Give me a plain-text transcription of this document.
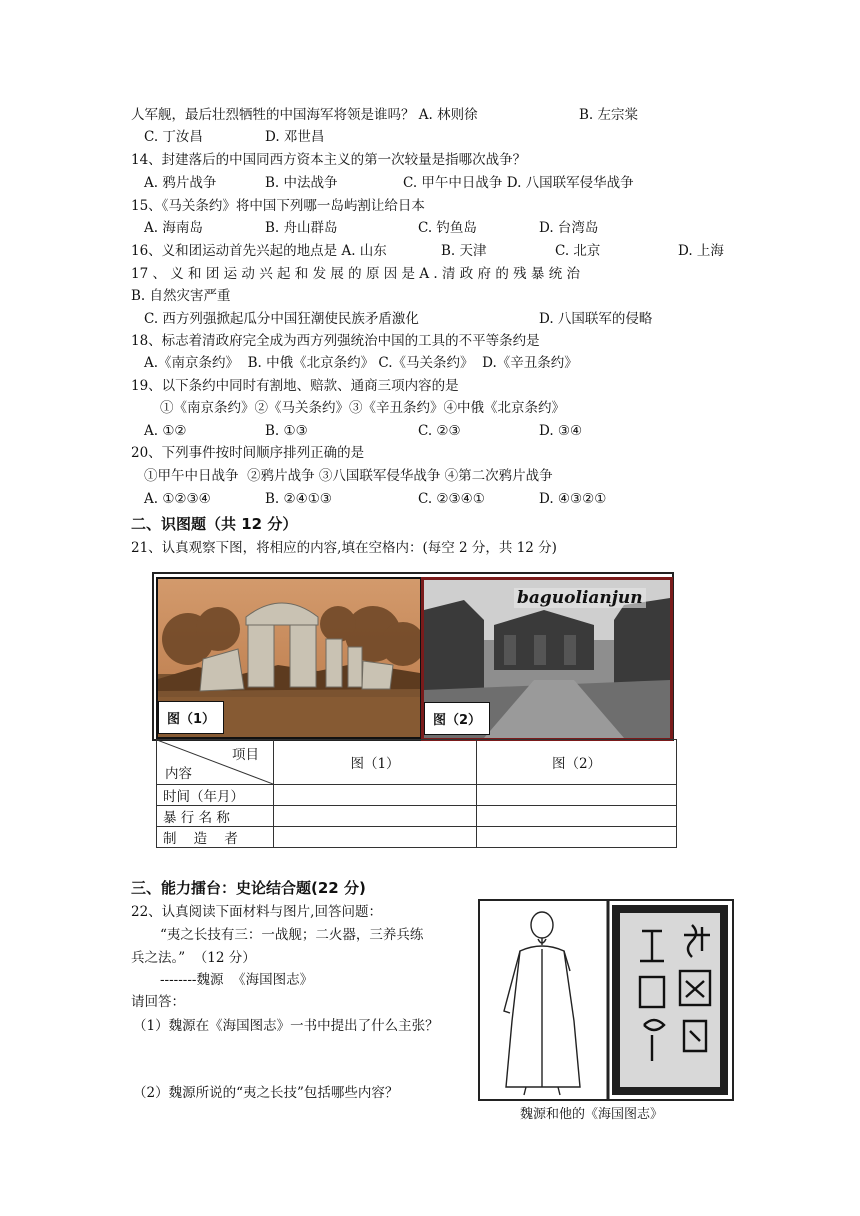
人军舰，最后壮烈牺牲的中国海军将领是谁吗？ A. 林则徐	B. 左宗棠
C. 丁汝昌	D. 邓世昌
14、封建落后的中国同西方资本主义的第一次较量是指哪次战争？
A. 鸦片战争	B. 中法战争	C. 甲午中日战争 D. 八国联军侵华战争
15、《马关条约》将中国下列哪一岛屿割让给日本
A. 海南岛	B. 舟山群岛	C. 钓鱼岛	D. 台湾岛
16、义和团运动首先兴起的地点是 A. 山东	B. 天津	C. 北京	D. 上海
17 、 义 和 团 运 动 兴 起 和 发 展 的 原 因 是 A . 清 政 府 的 残 暴 统 治
B. 自然灾害严重
C. 西方列强掀起瓜分中国狂潮使民族矛盾激化	D. 八国联军的侵略
18、标志着清政府完全成为西方列强统治中国的工具的不平等条约是
A.《南京条约》  B. 中俄《北京条约》 C.《马关条约》  D.《辛丑条约》
19、以下条约中同时有割地、赔款、通商三项内容的是
①《南京条约》②《马关条约》③《辛丑条约》④中俄《北京条约》
A. ①②	B. ①③	C. ②③	D. ③④
20、下列事件按时间顺序排列正确的是
①甲午中日战争  ②鸦片战争 ③八国联军侵华战争 ④第二次鸦片战争
A. ①②③④	B. ②④①③	C. ②③④①	D. ④③②①
二、识图题（共 12 分）
21、认真观察下图，将相应的内容,填在空格内：(每空 2 分，共 12 分)
图（1）
baguolianjun
图（2）
项目
内容	图（1）	图（2）
时间（年月）		
暴 行 名 称		
制    造    者		
三、能力擂台：史论结合题(22 分)
22、认真阅读下面材料与图片,回答问题：
“夷之长技有三：一战舰；二火器，三养兵练
兵之法。”  （12 分）
--------魏源  《海国图志》
请回答：
（1）魏源在《海国图志》一书中提出了什么主张？
（2）魏源所说的“夷之长技”包括哪些内容？
魏源和他的《海国图志》
